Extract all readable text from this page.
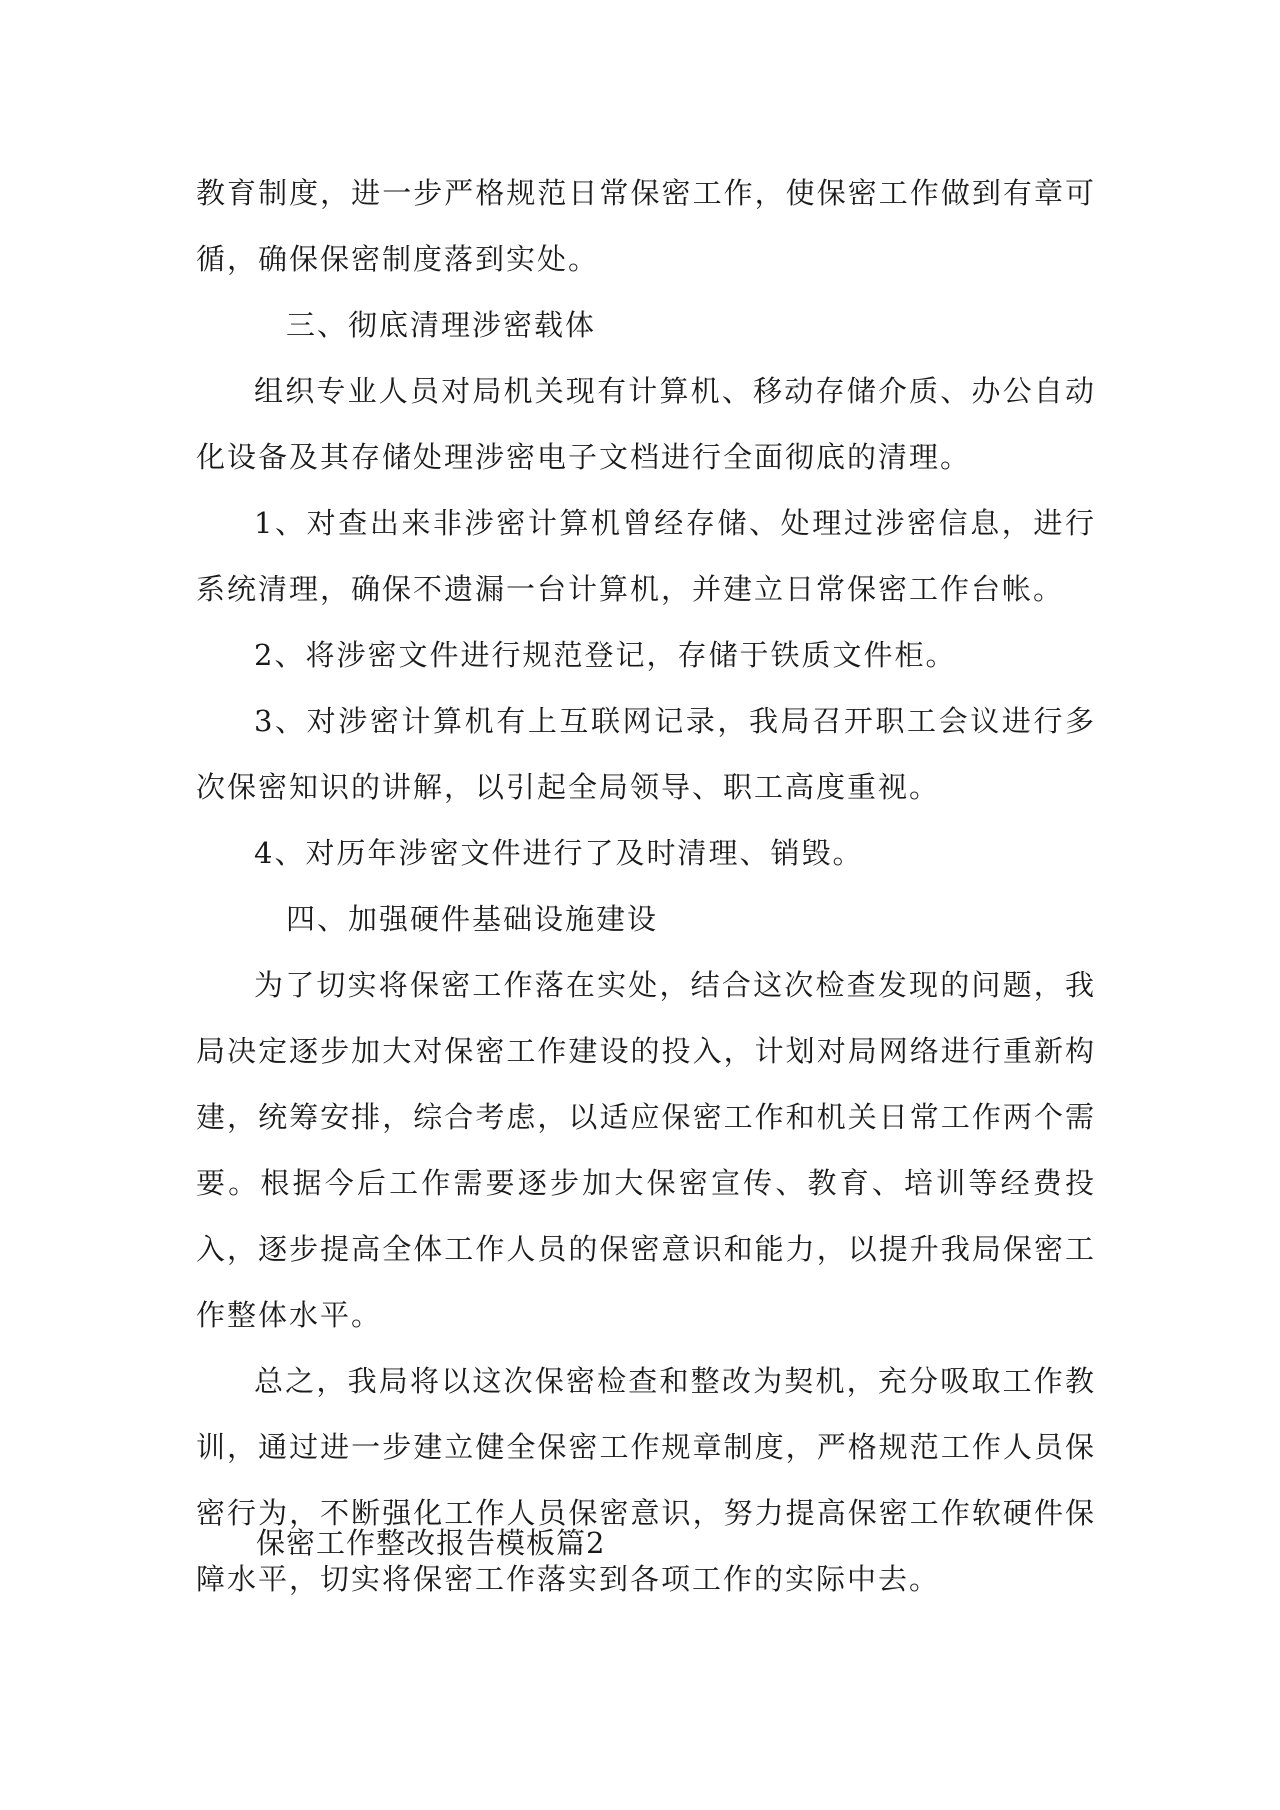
教育制度，进一步严格规范日常保密工作，使保密工作做到有章可循，确保保密制度落到实处。

三、彻底清理涉密载体

组织专业人员对局机关现有计算机、移动存储介质、办公自动化设备及其存储处理涉密电子文档进行全面彻底的清理。

1、对查出来非涉密计算机曾经存储、处理过涉密信息，进行系统清理，确保不遗漏一台计算机，并建立日常保密工作台帐。

2、将涉密文件进行规范登记，存储于铁质文件柜。

3、对涉密计算机有上互联网记录，我局召开职工会议进行多次保密知识的讲解，以引起全局领导、职工高度重视。

4、对历年涉密文件进行了及时清理、销毁。

四、加强硬件基础设施建设

为了切实将保密工作落在实处，结合这次检查发现的问题，我局决定逐步加大对保密工作建设的投入，计划对局网络进行重新构建，统筹安排，综合考虑，以适应保密工作和机关日常工作两个需要。根据今后工作需要逐步加大保密宣传、教育、培训等经费投入，逐步提高全体工作人员的保密意识和能力，以提升我局保密工作整体水平。

总之，我局将以这次保密检查和整改为契机，充分吸取工作教训，通过进一步建立健全保密工作规章制度，严格规范工作人员保密行为，不断强化工作人员保密意识，努力提高保密工作软硬件保障水平，切实将保密工作落实到各项工作的实际中去。

保密工作整改报告模板篇2
